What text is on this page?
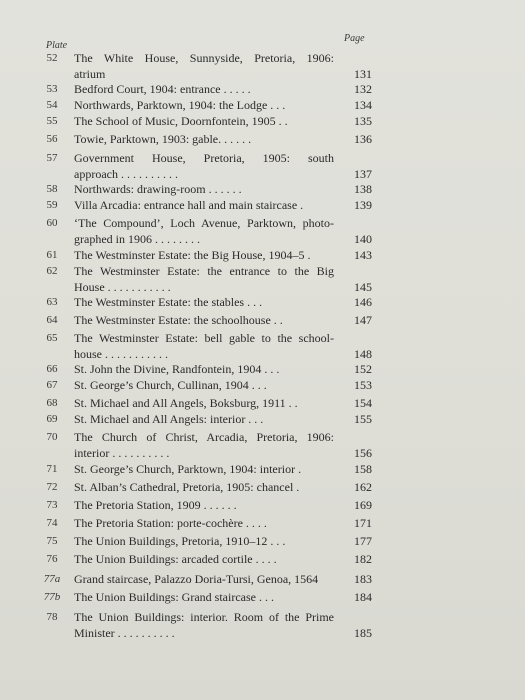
Plate
Page
52	The White House, Sunnyside, Pretoria, 1906:
atrium	131
53	Bedford Court, 1904: entrance . . . . .	132
54	Northwards, Parktown, 1904: the Lodge . . .	134
55	The School of Music, Doornfontein, 1905 . .	135
56	Towie, Parktown, 1903: gable. . . . . .	136
57	Government House, Pretoria, 1905: south
approach . . . . . . . . . .	137
58	Northwards: drawing-room . . . . . .	138
59	Villa Arcadia: entrance hall and main staircase .	139
60	‘The Compound’, Loch Avenue, Parktown, photo-
graphed in 1906 . . . . . . . .	140
61	The Westminster Estate: the Big House, 1904–5 .	143
62	The Westminster Estate: the entrance to the Big
House . . . . . . . . . . .	145
63	The Westminster Estate: the stables . . .	146
64	The Westminster Estate: the schoolhouse . .	147
65	The Westminster Estate: bell gable to the school-
house . . . . . . . . . . .	148
66	St. John the Divine, Randfontein, 1904 . . .	152
67	St. George’s Church, Cullinan, 1904 . . .	153
68	St. Michael and All Angels, Boksburg, 1911 . .	154
69	St. Michael and All Angels: interior . . .	155
70	The Church of Christ, Arcadia, Pretoria, 1906:
interior . . . . . . . . . .	156
71	St. George’s Church, Parktown, 1904: interior .	158
72	St. Alban’s Cathedral, Pretoria, 1905: chancel .	162
73	The Pretoria Station, 1909 . . . . . .	169
74	The Pretoria Station: porte-cochère . . . .	171
75	The Union Buildings, Pretoria, 1910–12 . . .	177
76	The Union Buildings: arcaded cortile . . . .	182
77a	Grand staircase, Palazzo Doria-Tursi, Genoa, 1564	183
77b	The Union Buildings: Grand staircase . . .	184
78	The Union Buildings: interior. Room of the Prime
Minister . . . . . . . . . .	185
